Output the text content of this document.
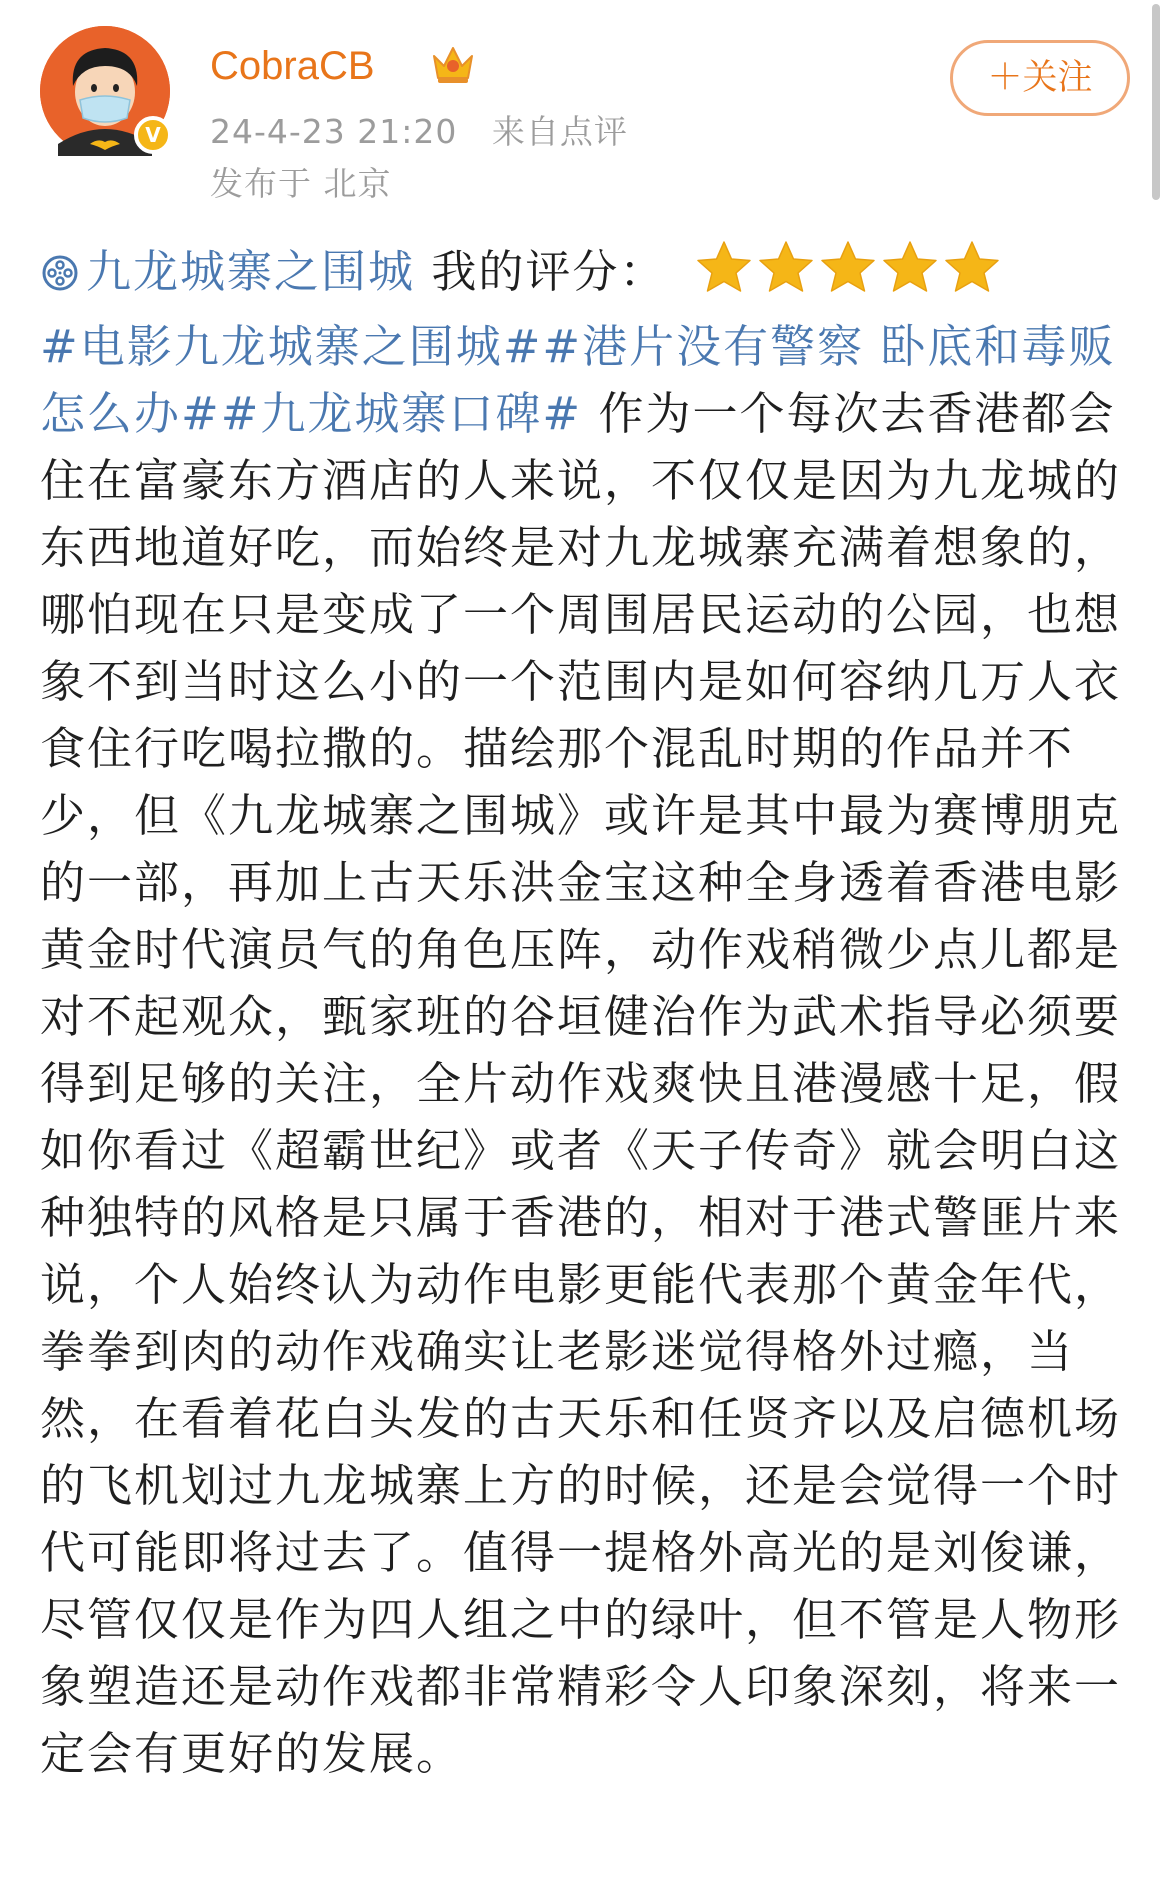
V
CobraCB
24-4-23 21:20 来自点评
发布于 北京
＋关注
九龙城寨之围城 我的评分：
#电影九龙城寨之围城##港片没有警察 卧底和毒贩怎么办##九龙城寨口碑# 作为一个每次去香港都会住在富豪东方酒店的人来说，不仅仅是因为九龙城的东西地道好吃，而始终是对九龙城寨充满着想象的，哪怕现在只是变成了一个周围居民运动的公园，也想象不到当时这么小的一个范围内是如何容纳几万人衣食住行吃喝拉撒的。描绘那个混乱时期的作品并不少，但《九龙城寨之围城》或许是其中最为赛博朋克的一部，再加上古天乐洪金宝这种全身透着香港电影黄金时代演员气的角色压阵，动作戏稍微少点儿都是对不起观众，甄家班的谷垣健治作为武术指导必须要得到足够的关注，全片动作戏爽快且港漫感十足，假如你看过《超霸世纪》或者《天子传奇》就会明白这种独特的风格是只属于香港的，相对于港式警匪片来说，个人始终认为动作电影更能代表那个黄金年代，拳拳到肉的动作戏确实让老影迷觉得格外过瘾，当然，在看着花白头发的古天乐和任贤齐以及启德机场的飞机划过九龙城寨上方的时候，还是会觉得一个时代可能即将过去了。值得一提格外高光的是刘俊谦，尽管仅仅是作为四人组之中的绿叶，但不管是人物形象塑造还是动作戏都非常精彩令人印象深刻，将来一定会有更好的发展。
